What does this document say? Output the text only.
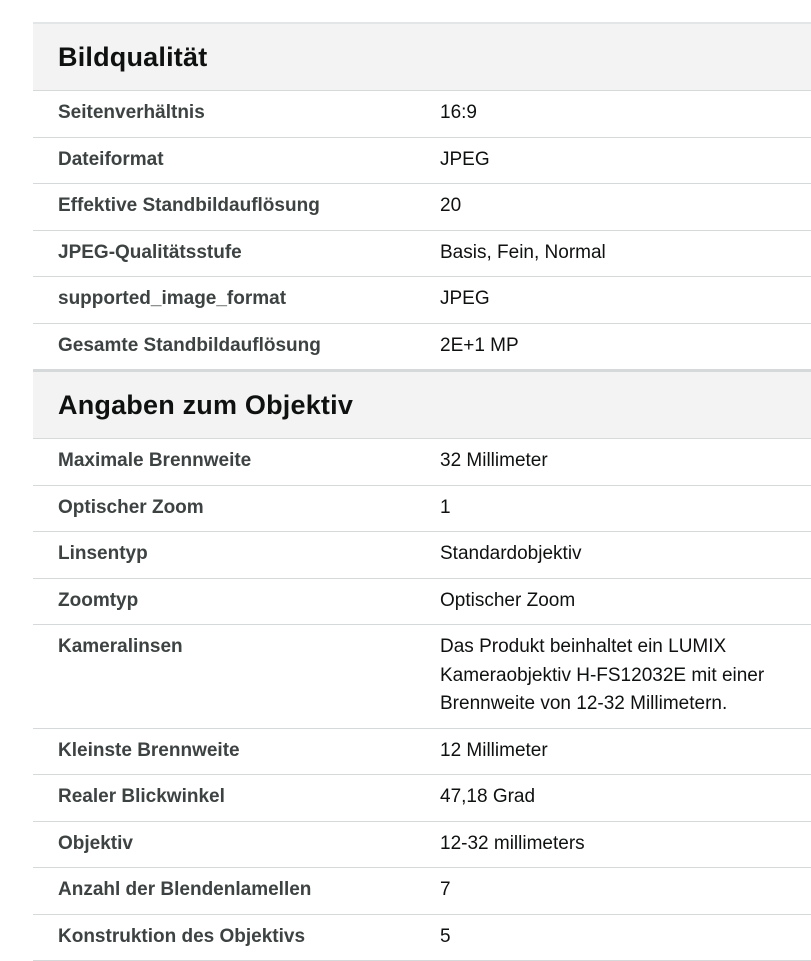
Bildqualität
Seitenverhältnis	16:9
Dateiformat	JPEG
Effektive Standbildauflösung	20
JPEG-Qualitätsstufe	Basis, Fein, Normal
supported_image_format	JPEG
Gesamte Standbildauflösung	2E+1 MP
Angaben zum Objektiv
Maximale Brennweite	32 Millimeter
Optischer Zoom	1
Linsentyp	Standardobjektiv
Zoomtyp	Optischer Zoom
Kameralinsen	Das Produkt beinhaltet ein LUMIX Kameraobjektiv H-FS12032E mit einer Brennweite von 12-32 Millimetern.
Kleinste Brennweite	12 Millimeter
Realer Blickwinkel	47,18 Grad
Objektiv	12-32 millimeters
Anzahl der Blendenlamellen	7
Konstruktion des Objektivs	5
